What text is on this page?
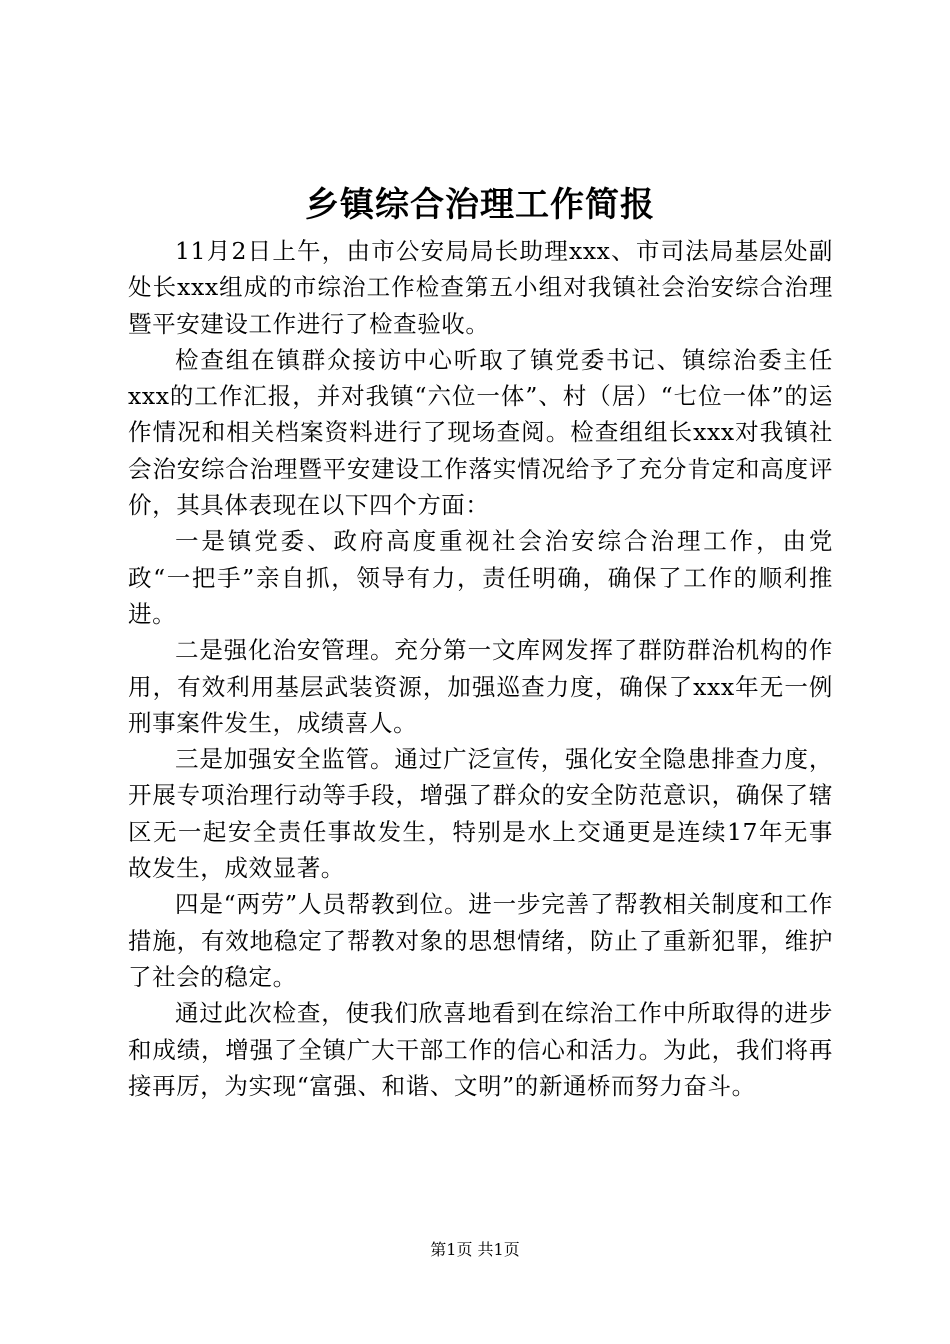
乡镇综合治理工作简报

11月2日上午，由市公安局局长助理xxx、市司法局基层处副处长xxx组成的市综治工作检查第五小组对我镇社会治安综合治理暨平安建设工作进行了检查验收。

检查组在镇群众接访中心听取了镇党委书记、镇综治委主任xxx的工作汇报，并对我镇“六位一体”、村（居）“七位一体”的运作情况和相关档案资料进行了现场查阅。检查组组长xxx对我镇社会治安综合治理暨平安建设工作落实情况给予了充分肯定和高度评价，其具体表现在以下四个方面：

一是镇党委、政府高度重视社会治安综合治理工作，由党政“一把手”亲自抓，领导有力，责任明确，确保了工作的顺利推进。

二是强化治安管理。充分第一文库网发挥了群防群治机构的作用，有效利用基层武装资源，加强巡查力度，确保了xxx年无一例刑事案件发生，成绩喜人。

三是加强安全监管。通过广泛宣传，强化安全隐患排查力度，开展专项治理行动等手段，增强了群众的安全防范意识，确保了辖区无一起安全责任事故发生，特别是水上交通更是连续17年无事故发生，成效显著。

四是“两劳”人员帮教到位。进一步完善了帮教相关制度和工作措施，有效地稳定了帮教对象的思想情绪，防止了重新犯罪，维护了社会的稳定。

通过此次检查，使我们欣喜地看到在综治工作中所取得的进步和成绩，增强了全镇广大干部工作的信心和活力。为此，我们将再接再厉，为实现“富强、和谐、文明”的新通桥而努力奋斗。

第1页 共1页
